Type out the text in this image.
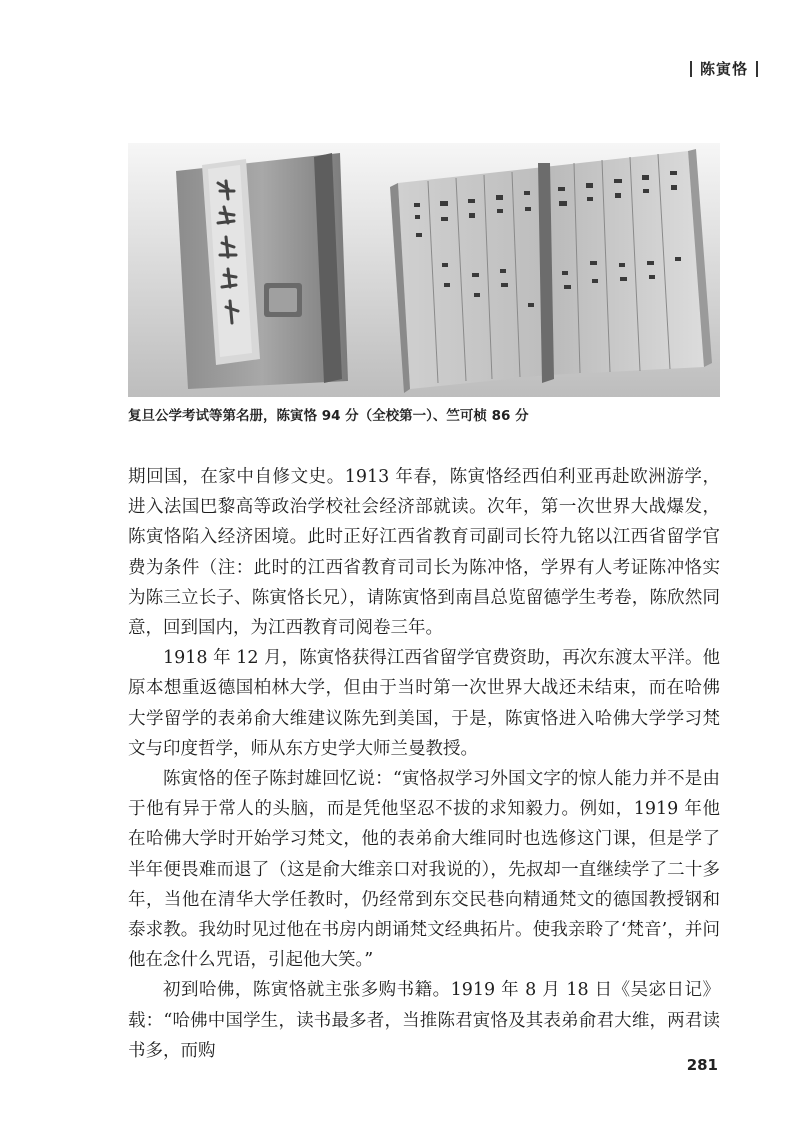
陈寅恪
复旦公学考试等第名册，陈寅恪 94 分（全校第一）、竺可桢 86 分

期回国，在家中自修文史。1913 年春，陈寅恪经西伯利亚再赴欧洲游学，进入法国巴黎高等政治学校社会经济部就读。次年，第一次世界大战爆发，陈寅恪陷入经济困境。此时正好江西省教育司副司长符九铭以江西省留学官费为条件（注：此时的江西省教育司司长为陈冲恪，学界有人考证陈冲恪实为陈三立长子、陈寅恪长兄），请陈寅恪到南昌总览留德学生考卷，陈欣然同意，回到国内，为江西教育司阅卷三年。

1918 年 12 月，陈寅恪获得江西省留学官费资助，再次东渡太平洋。他原本想重返德国柏林大学，但由于当时第一次世界大战还未结束，而在哈佛大学留学的表弟俞大维建议陈先到美国，于是，陈寅恪进入哈佛大学学习梵文与印度哲学，师从东方史学大师兰曼教授。

陈寅恪的侄子陈封雄回忆说：“寅恪叔学习外国文字的惊人能力并不是由于他有异于常人的头脑，而是凭他坚忍不拔的求知毅力。例如，1919 年他在哈佛大学时开始学习梵文，他的表弟俞大维同时也选修这门课，但是学了半年便畏难而退了（这是俞大维亲口对我说的），先叔却一直继续学了二十多年，当他在清华大学任教时，仍经常到东交民巷向精通梵文的德国教授钢和泰求教。我幼时见过他在书房内朗诵梵文经典拓片。使我亲聆了‘梵音’，并问他在念什么咒语，引起他大笑。”

初到哈佛，陈寅恪就主张多购书籍。1919 年 8 月 18 日《吴宓日记》载：“哈佛中国学生，读书最多者，当推陈君寅恪及其表弟俞君大维，两君读书多，而购

281
